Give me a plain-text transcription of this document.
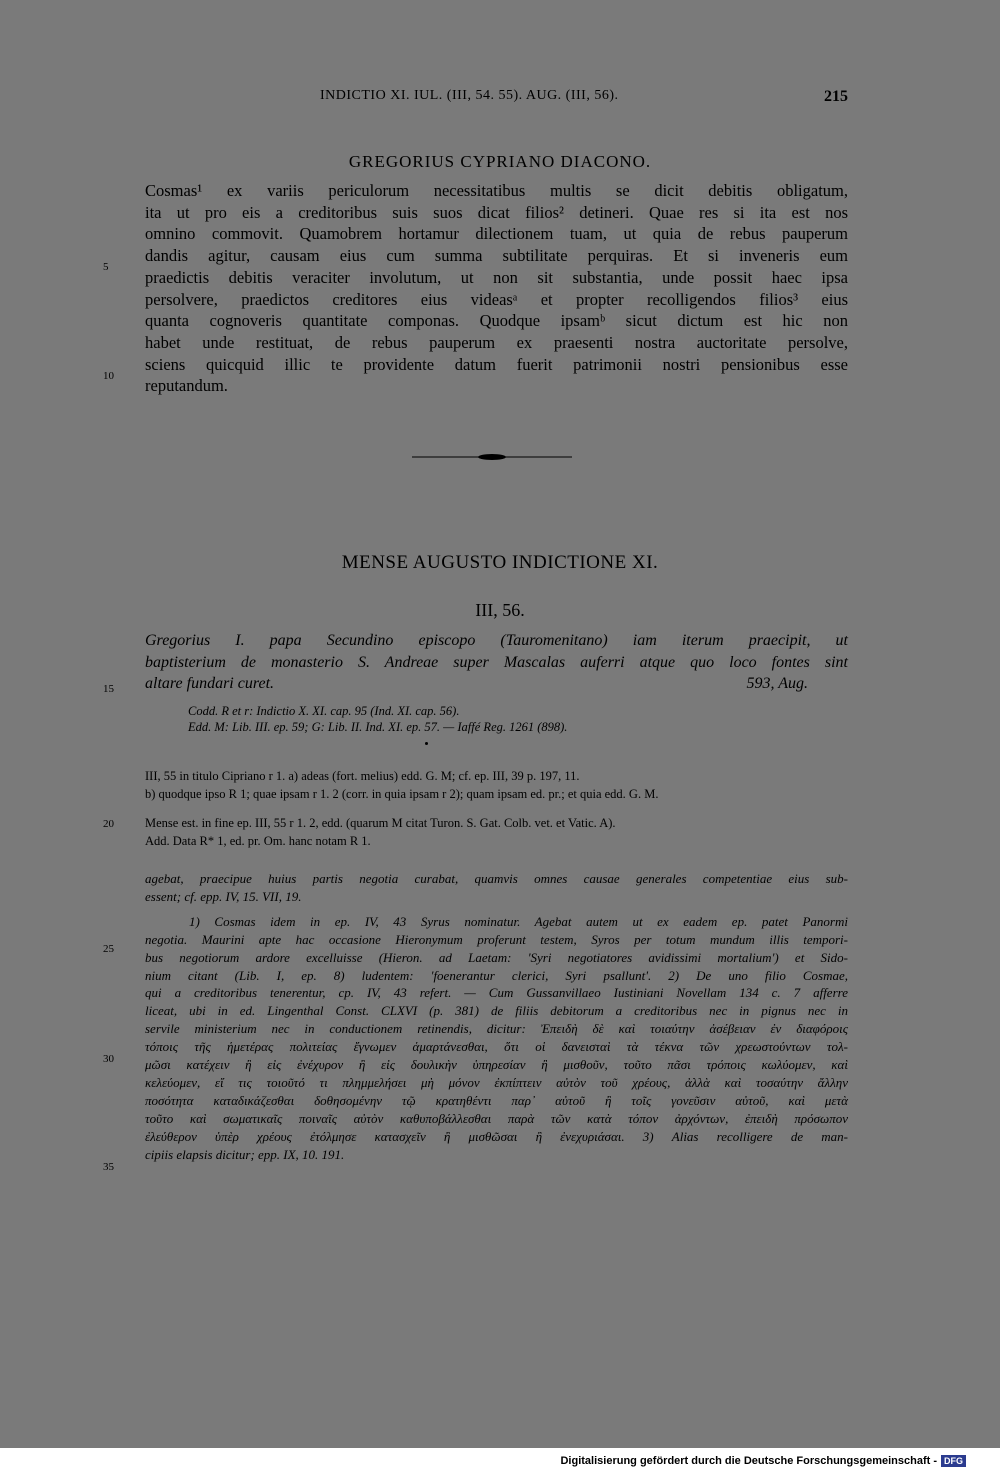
INDICTIO XI. IUL. (III, 54. 55). AUG. (III, 56).	215
GREGORIUS CYPRIANO DIACONO.
Cosmas¹ ex variis periculorum necessitatibus multis se dicit debitis obligatum,
ita ut pro eis a creditoribus suis suos dicat filios² detineri. Quae res si ita est nos
omnino commovit. Quamobrem hortamur dilectionem tuam, ut quia de rebus pauperum
dandis agitur, causam eius cum summa subtilitate perquiras. Et si inveneris eum
praedictis debitis veraciter involutum, ut non sit substantia, unde possit haec ipsa
persolvere, praedictos creditores eius videasᵃ et propter recolligendos filios³ eius
quanta cognoveris quantitate componas. Quodque ipsamᵇ sicut dictum est hic non
habet unde restituat, de rebus pauperum ex praesenti nostra auctoritate persolve,
sciens quicquid illic te providente datum fuerit patrimonii nostri pensionibus esse
reputandum.
5
10
MENSE AUGUSTO INDICTIONE XI.
III, 56.
Gregorius I. papa Secundino episcopo (Tauromenitano) iam iterum praecipit, ut
baptisterium de monasterio S. Andreae super Mascalas auferri atque quo loco fontes sint
altare fundari curet.	593, Aug.
15
Codd. R et r: Indictio X. XI. cap. 95 (Ind. XI. cap. 56).
Edd. M: Lib. III. ep. 59; G: Lib. II. Ind. XI. ep. 57. — Iaffé Reg. 1261 (898).
III, 55 in titulo Cipriano r 1. a) adeas (fort. melius) edd. G. M; cf. ep. III, 39 p. 197, 11.
b) quodque ipso R 1; quae ipsam r 1. 2 (corr. in quia ipsam r 2); quam ipsam ed. pr.; et quia edd. G. M.
Mense est. in fine ep. III, 55 r 1. 2, edd. (quarum M citat Turon. S. Gat. Colb. vet. et Vatic. A).
Add. Data R* 1, ed. pr. Om. hanc notam R 1.
20
agebat, praecipue huius partis negotia curabat, quamvis omnes causae generales competentiae eius sub-
essent; cf. epp. IV, 15. VII, 19.
1) Cosmas idem in ep. IV, 43 Syrus nominatur. Agebat autem ut ex eadem ep. patet Panormi
negotia. Maurini apte hac occasione Hieronymum proferunt testem, Syros per totum mundum illis tempori-
bus negotiorum ardore excelluisse (Hieron. ad Laetam: 'Syri negotiatores avidissimi mortalium') et Sido-
nium citant (Lib. I, ep. 8) ludentem: 'foenerantur clerici, Syri psallunt'. 2) De uno filio Cosmae,
qui a creditoribus tenerentur, cp. IV, 43 refert. — Cum Gussanvillaeo Iustiniani Novellam 134 c. 7 afferre
liceat, ubi in ed. Lingenthal Const. CLXVI (p. 381) de filiis debitorum a creditoribus nec in pignus nec in
servile ministerium nec in conductionem retinendis, dicitur: Ἐπειδὴ δὲ καὶ τοιαύτην ἀσέβειαν ἐν διαφόροις
τόποις τῆς ἡμετέρας πολιτείας ἔγνωμεν ἁμαρτάνεσθαι, ὅτι οἱ δανεισταὶ τὰ τέκνα τῶν χρεωστούντων τολ-
μῶσι κατέχειν ἢ εἰς ἐνέχυρον ἢ εἰς δουλικὴν ὑπηρεσίαν ἢ μισθοῦν, τοῦτο πᾶσι τρόποις κωλύομεν, καὶ
κελεύομεν, εἴ τις τοιοῦτό τι πλημμελήσει μὴ μόνον ἐκπίπτειν αὐτὸν τοῦ χρέους, ἀλλὰ καὶ τοσαύτην ἄλλην
ποσότητα καταδικάζεσθαι δοθησομένην τῷ κρατηθέντι παρ᾽ αὐτοῦ ἢ τοῖς γονεῦσιν αὐτοῦ, καὶ μετὰ
τοῦτο καὶ σωματικαῖς ποιναῖς αὐτὸν καθυποβάλλεσθαι παρὰ τῶν κατὰ τόπον ἀρχόντων, ἐπειδὴ πρόσωπον
ἐλεύθερον ὑπὲρ χρέους ἐτόλμησε κατασχεῖν ἢ μισθῶσαι ἢ ἐνεχυριάσαι. 3) Alias recolligere de man-
cipiis elapsis dicitur; epp. IX, 10. 191.
25
30
35
Digitalisierung gefördert durch die Deutsche Forschungsgemeinschaft - DFG
